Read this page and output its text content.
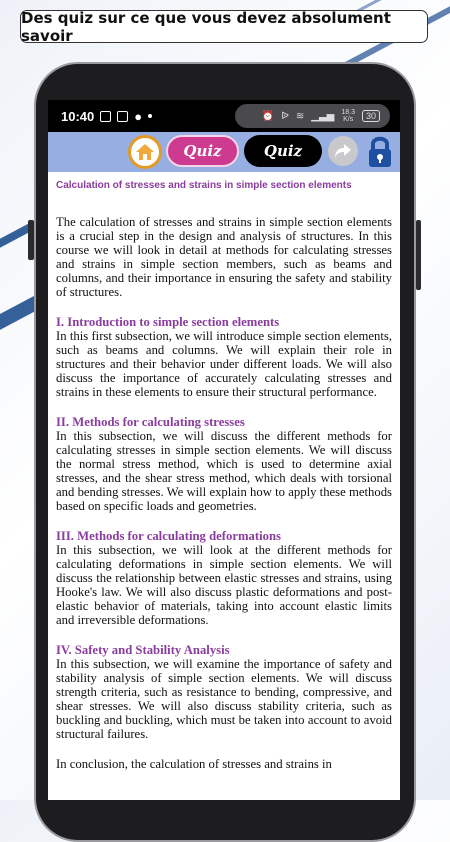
Des quiz sur ce que vous devez absolument savoir
10:40	●	⏰ ᐉ ≋ ▁▃▅ 18.3
K/s	30
Quiz	Quiz
Calculation of stresses and strains in simple section elements

The calculation of stresses and strains in simple section elements is a crucial step in the design and analysis of structures. In this course we will look in detail at methods for calculating stresses and strains in simple section members, such as beams and columns, and their importance in ensuring the safety and stability of structures.

I. Introduction to simple section elements

In this first subsection, we will introduce simple section elements, such as beams and columns. We will explain their role in structures and their behavior under different loads. We will also discuss the importance of accurately calculating stresses and strains in these elements to ensure their structural performance.

II. Methods for calculating stresses

In this subsection, we will discuss the different methods for calculating stresses in simple section elements. We will discuss the normal stress method, which is used to determine axial stresses, and the shear stress method, which deals with torsional and bending stresses. We will explain how to apply these methods based on specific loads and geometries.

III. Methods for calculating deformations

In this subsection, we will look at the different methods for calculating deformations in simple section elements. We will discuss the relationship between elastic stresses and strains, using Hooke's law. We will also discuss plastic deformations and post-elastic behavior of materials, taking into account elastic limits and irreversible deformations.

IV. Safety and Stability Analysis

In this subsection, we will examine the importance of safety and stability analysis of simple section elements. We will discuss strength criteria, such as resistance to bending, compressive, and shear stresses. We will also discuss stability criteria, such as buckling and buckling, which must be taken into account to avoid structural failures.

In conclusion, the calculation of stresses and strains in
